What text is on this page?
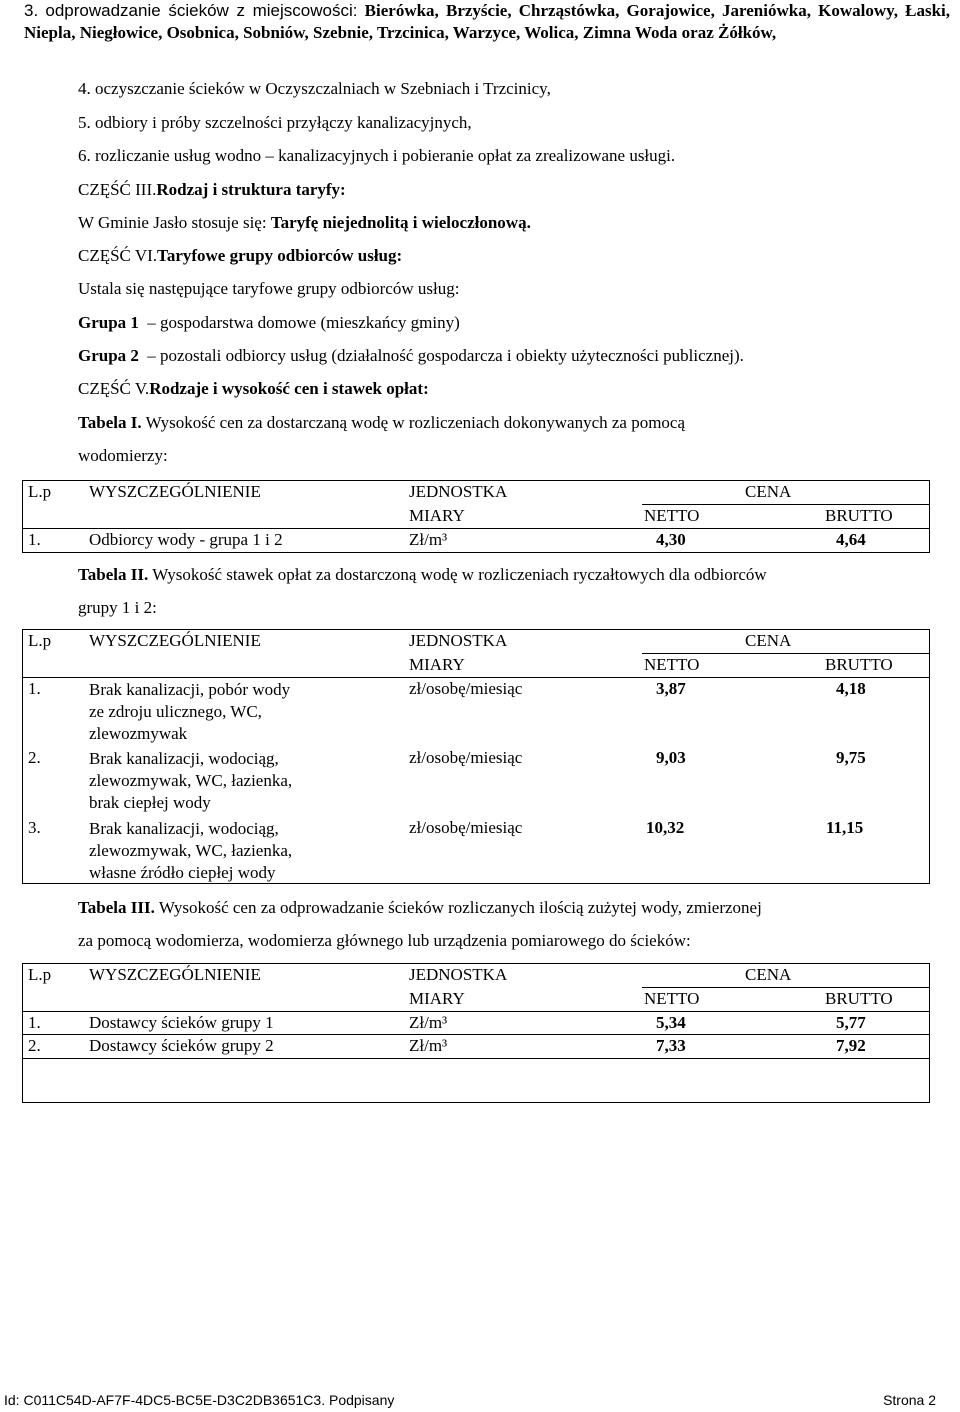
3. odprowadzanie ścieków z miejscowości: Bierówka, Brzyście, Chrząstówka, Gorajowice, Jareniówka, Kowalowy, Łaski, Niepla, Niegłowice, Osobnica, Sobniów, Szebnie, Trzcinica, Warzyce, Wolica, Zimna Woda oraz Żółków,
4. oczyszczanie ścieków w Oczyszczalniach w Szebniach i Trzcinicy,
5. odbiory i próby szczelności przyłączy kanalizacyjnych,
6. rozliczanie usług wodno – kanalizacyjnych i pobieranie opłat za zrealizowane usługi.
CZĘŚĆ III.Rodzaj i struktura taryfy:
W Gminie Jasło stosuje się: Taryfę niejednolitą i wieloczłonową.
CZĘŚĆ VI.Taryfowe grupy odbiorców usług:
Ustala się następujące taryfowe grupy odbiorców usług:
Grupa 1 – gospodarstwa domowe (mieszkańcy gminy)
Grupa 2 – pozostali odbiorcy usług (działalność gospodarcza i obiekty użyteczności publicznej).
CZĘŚĆ V.Rodzaje i wysokość cen i stawek opłat:
Tabela I. Wysokość cen za dostarczaną wodę w rozliczeniach dokonywanych za pomocą
wodomierzy:
L.p WYSZCZEGÓLNIENIE	JEDNOSTKA
MIARY
CENA
NETTO	BRUTTO
1.	Odbiorcy wody - grupa 1 i 2	Zł/m³	4,30	4,64
Tabela II. Wysokość stawek opłat za dostarczoną wodę w rozliczeniach ryczałtowych dla odbiorców
grupy 1 i 2:
L.p WYSZCZEGÓLNIENIE	JEDNOSTKA
MIARY
CENA
NETTO	BRUTTO
1.	Brak kanalizacji, pobór wody
ze zdroju ulicznego, WC,
zlewozmywak
zł/osobę/miesiąc	3,87	4,18
2.	Brak kanalizacji, wodociąg,
zlewozmywak, WC, łazienka,
brak ciepłej wody
zł/osobę/miesiąc	9,03	9,75
3.	Brak kanalizacji, wodociąg,
zlewozmywak, WC, łazienka,
własne źródło ciepłej wody
zł/osobę/miesiąc	10,32	11,15
Tabela III. Wysokość cen za odprowadzanie ścieków rozliczanych ilością zużytej wody, zmierzonej
za pomocą wodomierza, wodomierza głównego lub urządzenia pomiarowego do ścieków:
L.p WYSZCZEGÓLNIENIE	JEDNOSTKA
MIARY
CENA
NETTO	BRUTTO
1.	Dostawcy ścieków grupy 1	Zł/m³	5,34	5,77
2.	Dostawcy ścieków grupy 2	Zł/m³	7,33	7,92
Id: C011C54D-AF7F-4DC5-BC5E-D3C2DB3651C3. Podpisany	Strona 2
